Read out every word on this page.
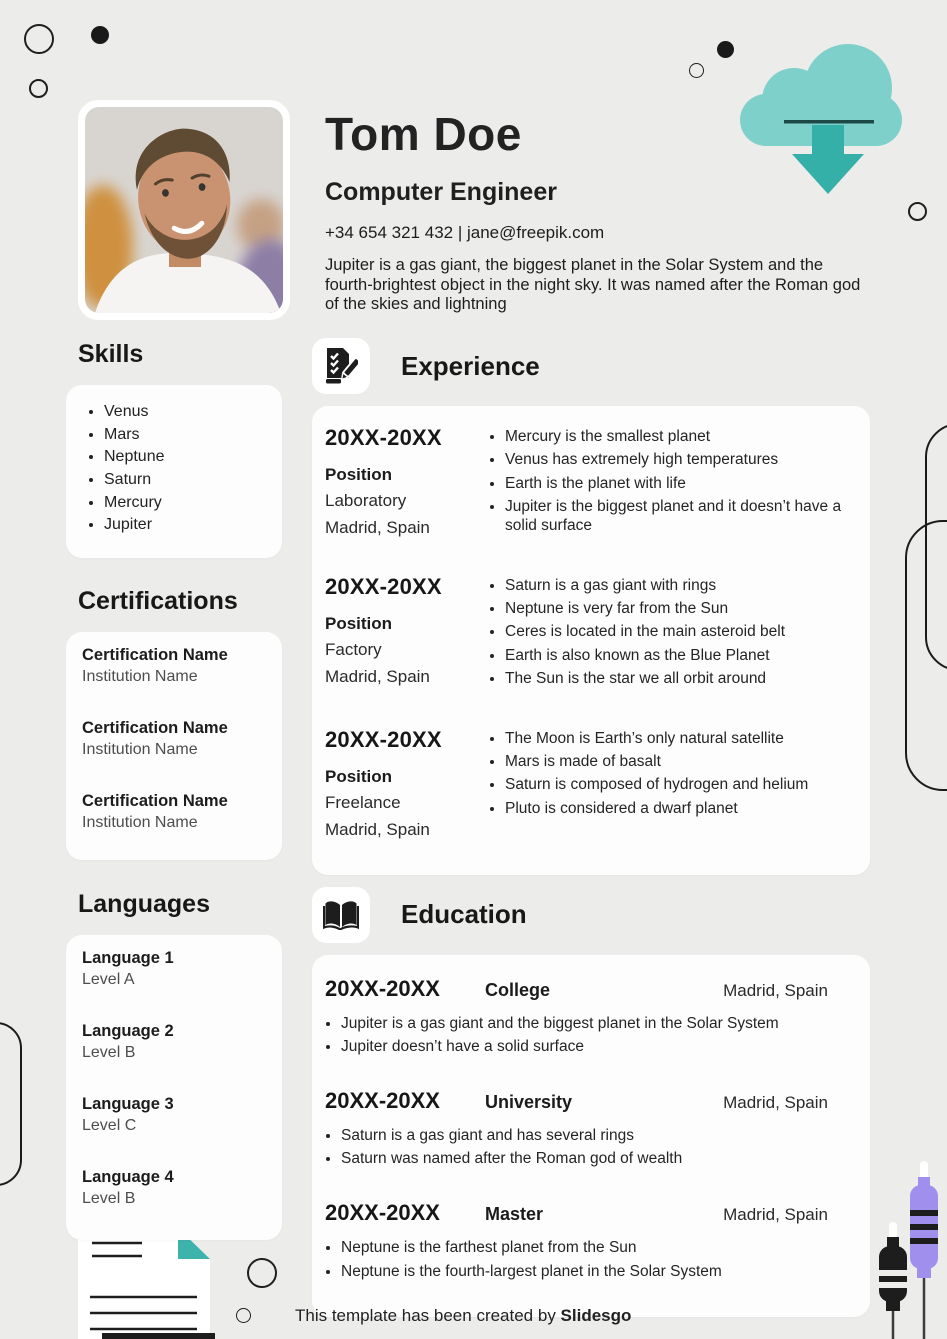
Tom Doe
Computer Engineer
+34 654 321 432 | jane@freepik.com
Jupiter is a gas giant, the biggest planet in the Solar System and the fourth-brightest object in the night sky. It was named after the Roman god of the skies and lightning
Skills
• Venus
• Mars
• Neptune
• Saturn
• Mercury
• Jupiter
Certifications
Certification Name
Institution Name
Certification Name
Institution Name
Certification Name
Institution Name
Languages
Language 1
Level A
Language 2
Level B
Language 3
Level C
Language 4
Level B
Experience
20XX-20XX
Position
Laboratory
Madrid, Spain
• Mercury is the smallest planet
• Venus has extremely high temperatures
• Earth is the planet with life
• Jupiter is the biggest planet and it doesn’t have a solid surface
20XX-20XX
Position
Factory
Madrid, Spain
• Saturn is a gas giant with rings
• Neptune is very far from the Sun
• Ceres is located in the main asteroid belt
• Earth is also known as the Blue Planet
• The Sun is the star we all orbit around
20XX-20XX
Position
Freelance
Madrid, Spain
• The Moon is Earth’s only natural satellite
• Mars is made of basalt
• Saturn is composed of hydrogen and helium
• Pluto is considered a dwarf planet
Education
20XX-20XX	College	Madrid, Spain
• Jupiter is a gas giant and the biggest planet in the Solar System
• Jupiter doesn’t have a solid surface
20XX-20XX	University	Madrid, Spain
• Saturn is a gas giant and has several rings
• Saturn was named after the Roman god of wealth
20XX-20XX	Master	Madrid, Spain
• Neptune is the farthest planet from the Sun
• Neptune is the fourth-largest planet in the Solar System
This template has been created by Slidesgo
